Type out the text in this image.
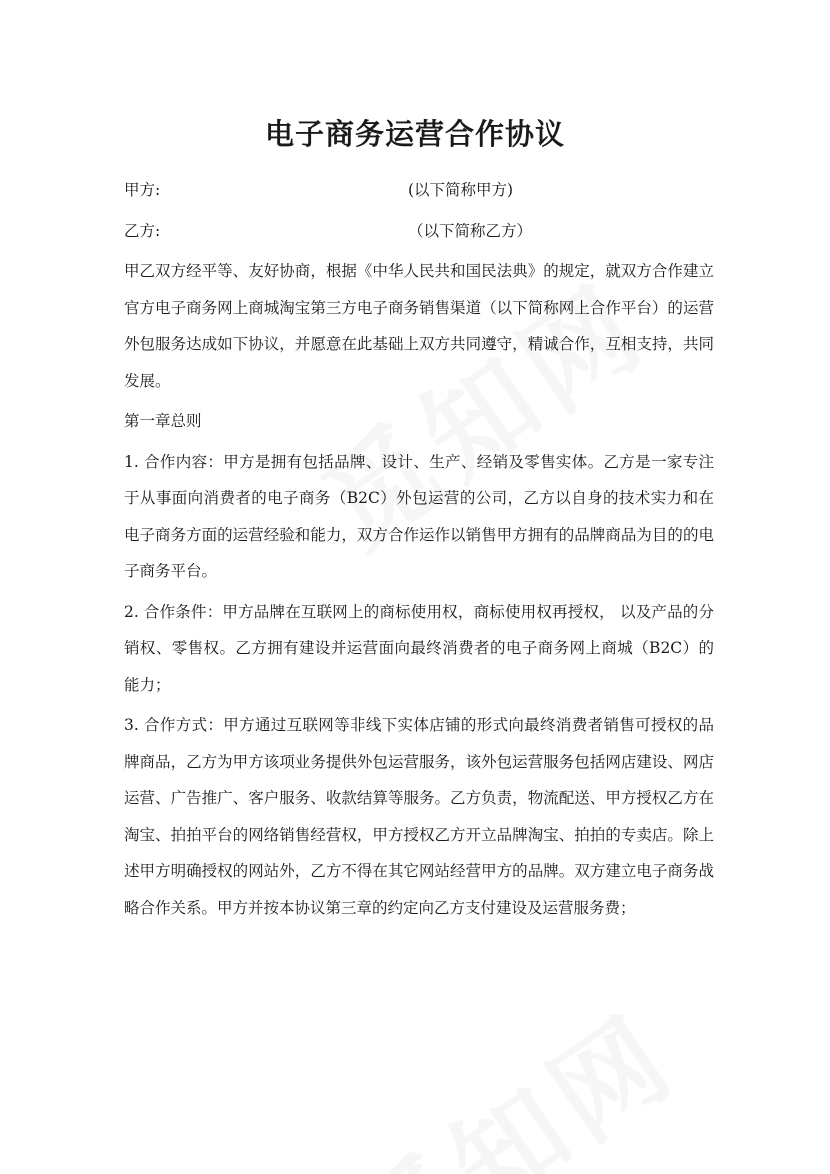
电子商务运营合作协议
甲方:	(以下简称甲方)
乙方:	（以下简称乙方）

甲乙双方经平等、友好协商，根据《中华人民共和国民法典》的规定，就双方合作建立官方电子商务网上商城淘宝第三方电子商务销售渠道（以下简称网上合作平台）的运营外包服务达成如下协议，并愿意在此基础上双方共同遵守，精诚合作，互相支持，共同发展。

第一章总则

1. 合作内容：甲方是拥有包括品牌、设计、生产、经销及零售实体。乙方是一家专注于从事面向消费者的电子商务（B2C）外包运营的公司，乙方以自身的技术实力和在电子商务方面的运营经验和能力，双方合作运作以销售甲方拥有的品牌商品为目的的电子商务平台。

2. 合作条件：甲方品牌在互联网上的商标使用权，商标使用权再授权， 以及产品的分销权、零售权。乙方拥有建设并运营面向最终消费者的电子商务网上商城（B2C）的能力；

3. 合作方式：甲方通过互联网等非线下实体店铺的形式向最终消费者销售可授权的品牌商品，乙方为甲方该项业务提供外包运营服务，该外包运营服务包括网店建设、网店运营、广告推广、客户服务、收款结算等服务。乙方负责，物流配送、甲方授权乙方在淘宝、拍拍平台的网络销售经营权，甲方授权乙方开立品牌淘宝、拍拍的专卖店。除上述甲方明确授权的网站外，乙方不得在其它网站经营甲方的品牌。双方建立电子商务战略合作关系。甲方并按本协议第三章的约定向乙方支付建设及运营服务费；
